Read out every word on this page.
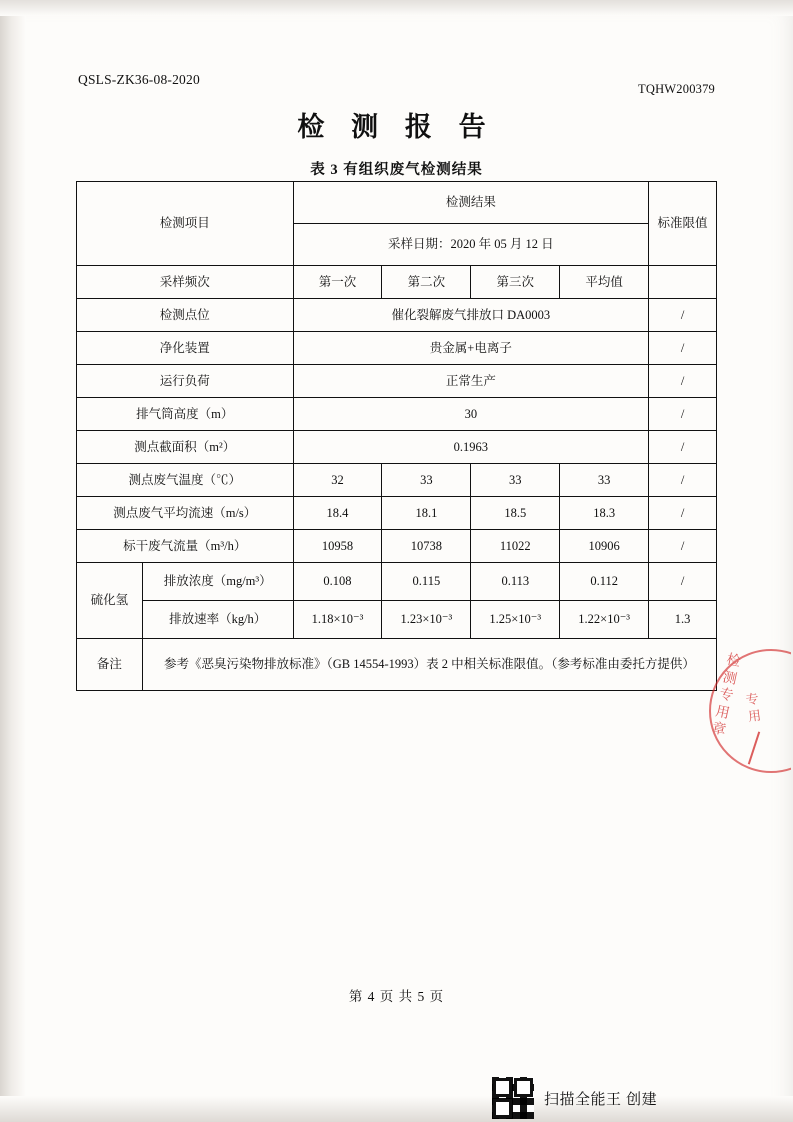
QSLS-ZK36-08-2020
TQHW200379
检 测 报 告
表 3 有组织废气检测结果
检测项目		检测结果				标准限值
		采样日期：2020 年 05 月 12 日				
采样频次		第一次	第二次	第三次	平均值	
检测点位		催化裂解废气排放口 DA0003				/
净化装置		贵金属+电离子				/
运行负荷		正常生产				/
排气筒高度（m）		30				/
测点截面积（m²）		0.1963				/
测点废气温度（℃）		32	33	33	33	/
测点废气平均流速（m/s）		18.4	18.1	18.5	18.3	/
标干废气流量（m³/h）		10958	10738	11022	10906	/
硫化氢	排放浓度（mg/m³）	0.108	0.115	0.113	0.112	/
	排放速率（kg/h）	1.18×10⁻³	1.23×10⁻³	1.25×10⁻³	1.22×10⁻³	1.3
备注	参考《恶臭污染物排放标准》（GB 14554-1993）表 2 中相关标准限值。（参考标准由委托方提供）						检测专用章
专用
第 4 页 共 5 页
扫描全能王 创建
